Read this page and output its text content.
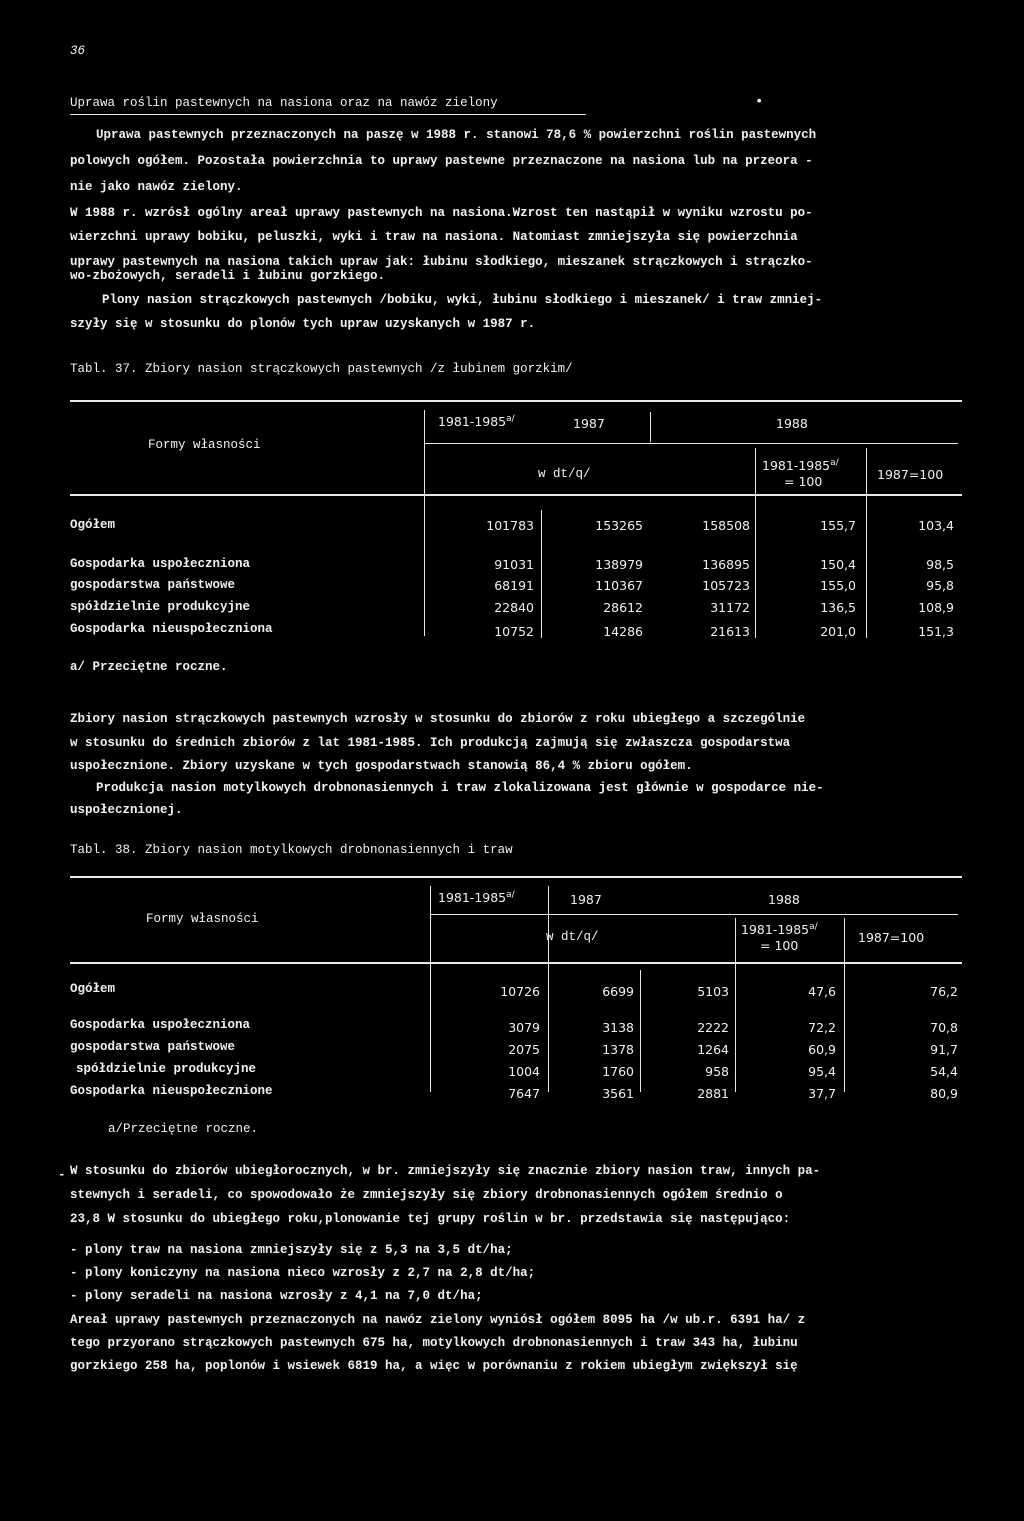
36
Uprawa roślin pastewnych na nasiona oraz na nawóz zielony	•
Uprawa pastewnych przeznaczonych na paszę w 1988 r. stanowi 78,6 % powierzchni roślin pastewnych
polowych ogółem. Pozostała powierzchnia to uprawy pastewne przeznaczone na nasiona lub na przeora -
nie jako nawóz zielony.
W 1988 r. wzrósł ogólny areał uprawy pastewnych na nasiona.Wzrost ten nastąpił w wyniku wzrostu po-
wierzchni uprawy bobiku, peluszki, wyki i traw na nasiona. Natomiast zmniejszyła się powierzchnia
uprawy pastewnych na nasiona takich upraw jak: łubinu słodkiego, mieszanek strączkowych i strączko-
wo-zbożowych, seradeli i łubinu gorzkiego.
Plony nasion strączkowych pastewnych /bobiku, wyki, łubinu słodkiego i mieszanek/ i traw zmniej-
szyły się w stosunku do plonów tych upraw uzyskanych w 1987 r.
Tabl. 37. Zbiory nasion strączkowych pastewnych /z łubinem gorzkim/
Formy własności
$1981-1985^{a/}$	1987	1988
w dt/q/
$1981-1985^{a/}$
= 100	1987=100
Ogółem	101783	153265	158508	155,7	103,4
Gospodarka uspołeczniona	91031	138979	136895	150,4	98,5
gospodarstwa państwowe	68191	110367	105723	155,0	95,8
spółdzielnie produkcyjne	22840	28612	31172	136,5	108,9
Gospodarka nieuspołeczniona	10752	14286	21613	201,0	151,3
a/ Przeciętne roczne.
Zbiory nasion strączkowych pastewnych wzrosły w stosunku do zbiorów z roku ubiegłego a szczególnie
w stosunku do średnich zbiorów z lat 1981-1985. Ich produkcją zajmują się zwłaszcza gospodarstwa
uspołecznione. Zbiory uzyskane w tych gospodarstwach stanowią 86,4 % zbioru ogółem.
Produkcja nasion motylkowych drobnonasiennych i traw zlokalizowana jest głównie w gospodarce nie-
uspołecznionej.
Tabl. 38. Zbiory nasion motylkowych drobnonasiennych i traw
Formy własności
$1981-1985^{a/}$	1987	1988
w dt/q/	$1981-1985^{a/}$
= 100
1987=100
Ogółem	10726	6699	5103	47,6	76,2
Gospodarka uspołeczniona	3079	3138	2222	72,2	70,8
gospodarstwa państwowe	2075	1378	1264	60,9	91,7
spółdzielnie produkcyjne	1004	1760	958	95,4	54,4
Gospodarka nieuspołecznione	7647	3561	2881	37,7	80,9
a/Przeciętne roczne.
- W stosunku do zbiorów ubiegłorocznych, w br. zmniejszyły się znacznie zbiory nasion traw, innych pa-
stewnych i seradeli, co spowodowało że zmniejszyły się zbiory drobnonasiennych ogółem średnio o
23,8 W stosunku do ubiegłego roku,plonowanie tej grupy roślin w br. przedstawia się następująco:
- plony traw na nasiona zmniejszyły się z 5,3 na 3,5 dt/ha;
- plony koniczyny na nasiona nieco wzrosły z 2,7 na 2,8 dt/ha;
- plony seradeli na nasiona wzrosły z 4,1 na 7,0 dt/ha;
Areał uprawy pastewnych przeznaczonych na nawóz zielony wyniósł ogółem 8095 ha /w ub.r. 6391 ha/ z
tego przyorano strączkowych pastewnych 675 ha, motylkowych drobnonasiennych i traw 343 ha, łubinu
gorzkiego 258 ha, poplonów i wsiewek 6819 ha, a więc w porównaniu z rokiem ubiegłym zwiększył się
